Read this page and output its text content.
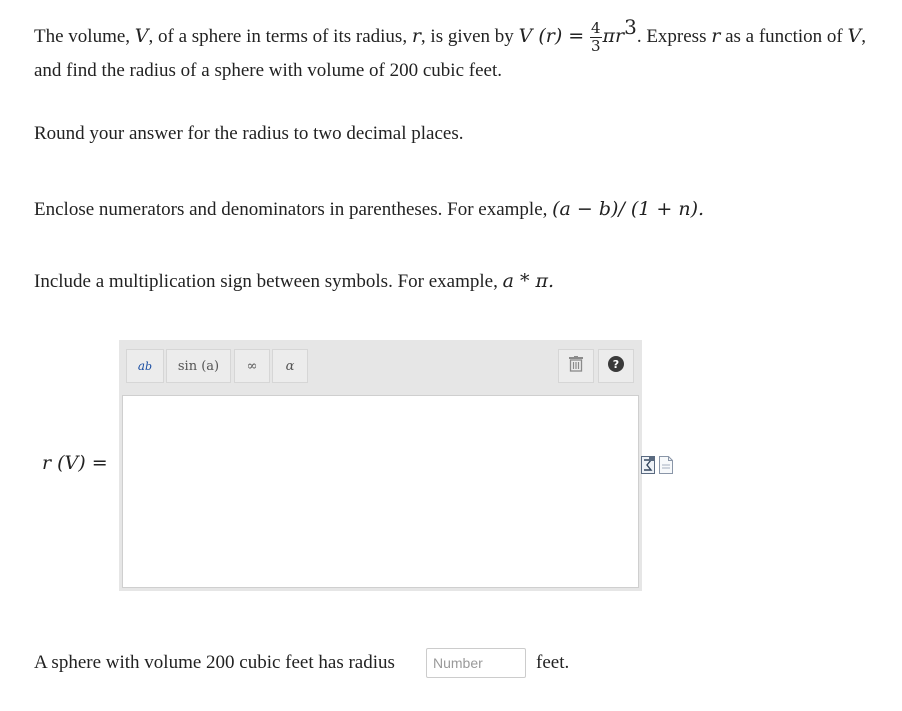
The volume, V, of a sphere in terms of its radius, r, is given by V $(r) = \frac{4}{3} \pi r^3$. Express r as a function of V, and find the radius of a sphere with volume of 200 cubic feet.

Round your answer for the radius to two decimal places.

Enclose numerators and denominators in parentheses. For example, (a − b)/ (1 + n).

Include a multiplication sign between symbols. For example, a * π.

a b	sin (a)	∞	α	?
r (V) =

A sphere with volume 200 cubic feet has radius

Number	feet.
